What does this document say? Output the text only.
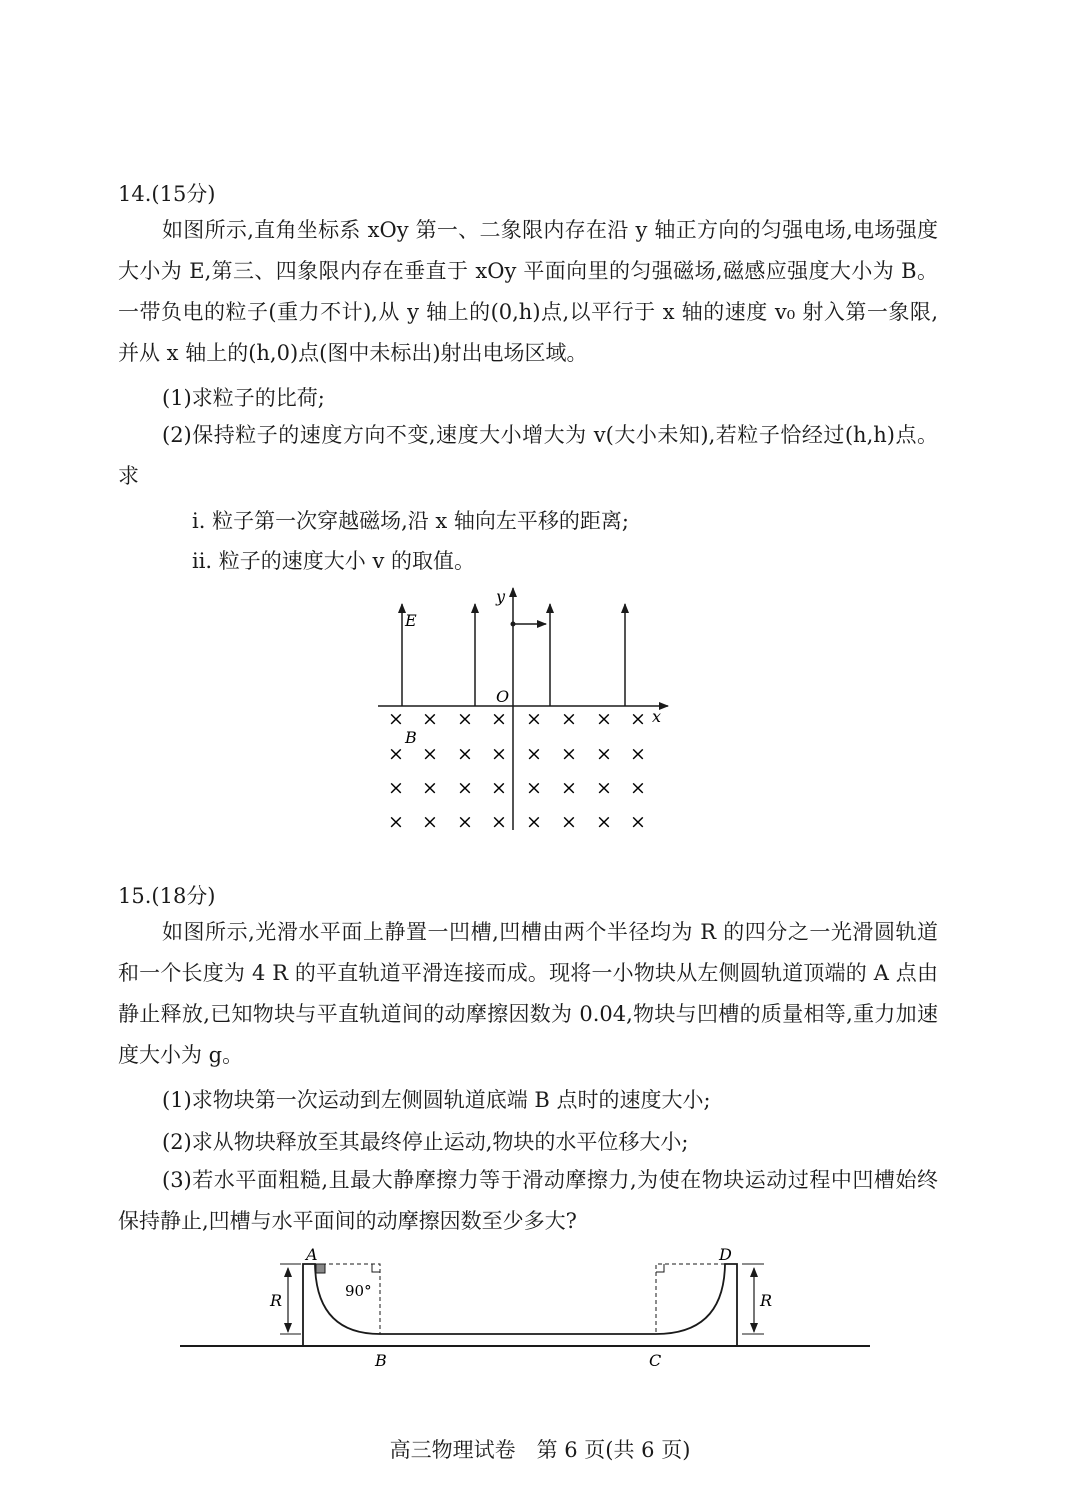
14.(15分)

如图所示,直角坐标系 xOy 第一、二象限内存在沿 y 轴正方向的匀强电场,电场强度大小为 E,第三、四象限内存在垂直于 xOy 平面向里的匀强磁场,磁感应强度大小为 B。一带负电的粒子(重力不计),从 y 轴上的(0,h)点,以平行于 x 轴的速度 v₀ 射入第一象限,并从 x 轴上的(h,0)点(图中未标出)射出电场区域。

(1)求粒子的比荷;

(2)保持粒子的速度方向不变,速度大小增大为 v(大小未知),若粒子恰经过(h,h)点。求

ⅰ. 粒子第一次穿越磁场,沿 x 轴向左平移的距离;

ⅱ. 粒子的速度大小 v 的取值。

y
x
O
E
B
× × × × × × × ×
× × × × × × × ×
× × × × × × × ×
× × × × × × × ×
15.(18分)

如图所示,光滑水平面上静置一凹槽,凹槽由两个半径均为 R 的四分之一光滑圆轨道和一个长度为 4 R 的平直轨道平滑连接而成。现将一小物块从左侧圆轨道顶端的 A 点由静止释放,已知物块与平直轨道间的动摩擦因数为 0.04,物块与凹槽的质量相等,重力加速度大小为 g。

(1)求物块第一次运动到左侧圆轨道底端 B 点时的速度大小;

(2)求从物块释放至其最终停止运动,物块的水平位移大小;

(3)若水平面粗糙,且最大静摩擦力等于滑动摩擦力,为使在物块运动过程中凹槽始终保持静止,凹槽与水平面间的动摩擦因数至少多大?

A	D
B	C
R	R
90°
高三物理试卷　第 6 页(共 6 页)
